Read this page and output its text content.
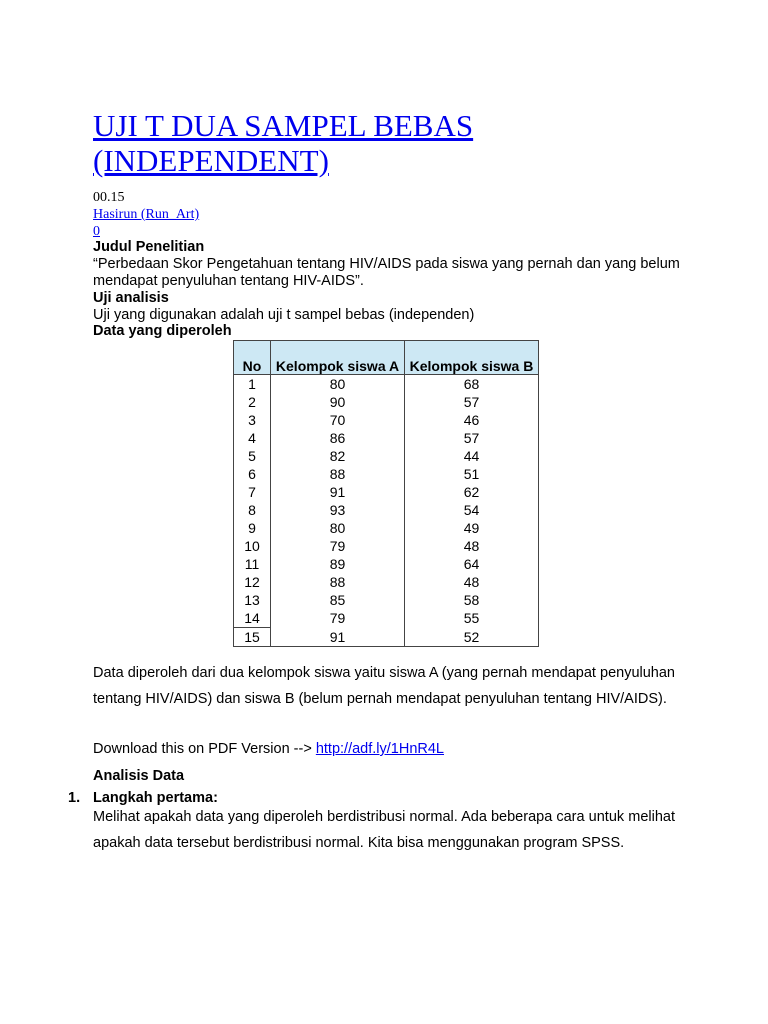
UJI T DUA SAMPEL BEBAS (INDEPENDENT)
00.15
Hasirun (Run_Art)
0
Judul Penelitian
“Perbedaan Skor Pengetahuan tentang HIV/AIDS pada siswa yang pernah dan yang belum mendapat penyuluhan tentang HIV-AIDS”.
Uji analisis
Uji yang digunakan adalah uji t sampel bebas (independen)
Data yang diperoleh
No	Kelompok siswa A	Kelompok siswa B
1	80	68
2	90	57
3	70	46
4	86	57
5	82	44
6	88	51
7	91	62
8	93	54
9	80	49
10	79	48
11	89	64
12	88	48
13	85	58
14	79	55
15	91	52
Data diperoleh dari dua kelompok siswa yaitu siswa A (yang pernah mendapat penyuluhan tentang HIV/AIDS) dan siswa B (belum pernah mendapat penyuluhan tentang HIV/AIDS).
Download this on PDF Version --> http://adf.ly/1HnR4L
Analisis Data
1. Langkah pertama:
Melihat apakah data yang diperoleh berdistribusi normal. Ada beberapa cara untuk melihat apakah data tersebut berdistribusi normal. Kita bisa menggunakan program SPSS.
